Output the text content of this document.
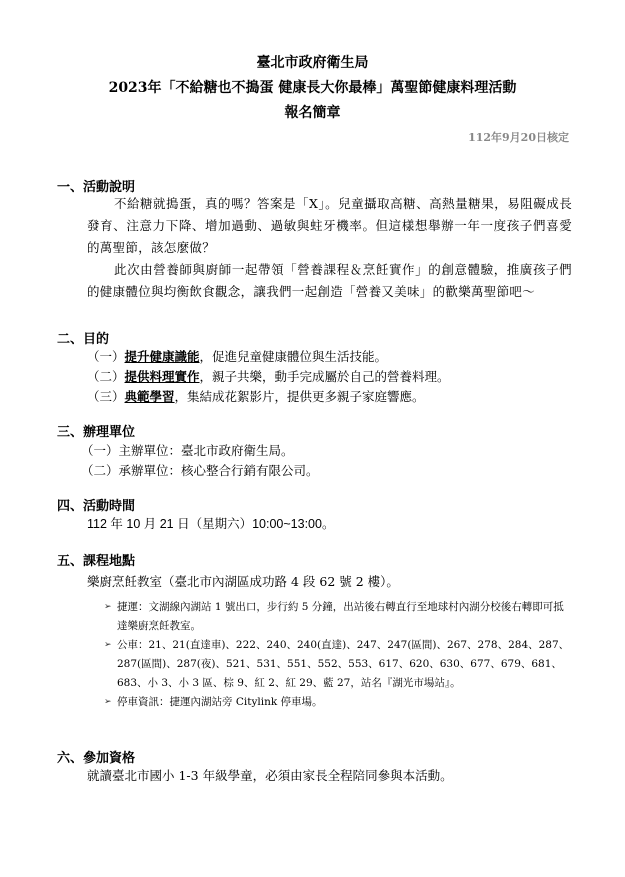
臺北市政府衛生局
2023年「不給糖也不搗蛋 健康長大你最棒」萬聖節健康料理活動
報名簡章
112年9月20日核定
一、活動說明
不給糖就搗蛋，真的嗎？答案是「X」。兒童攝取高糖、高熱量糖果，易阻礙成長發育、注意力下降、增加過動、過敏與蛀牙機率。但這樣想舉辦一年一度孩子們喜愛的萬聖節，該怎麼做？
此次由營養師與廚師一起帶領「營養課程＆烹飪實作」的創意體驗，推廣孩子們的健康體位與均衡飲食觀念，讓我們一起創造「營養又美味」的歡樂萬聖節吧～
二、目的
（一）提升健康識能，促進兒童健康體位與生活技能。
（二）提供料理實作，親子共樂，動手完成屬於自己的營養料理。
（三）典範學習，集結成花絮影片，提供更多親子家庭響應。
三、辦理單位
（一）主辦單位：臺北市政府衛生局。
（二）承辦單位：核心整合行銷有限公司。
四、活動時間
112 年 10 月 21 日（星期六）10:00~13:00。
五、課程地點
樂廚烹飪教室（臺北市內湖區成功路 4 段 62 號 2 樓）。
➢ 捷運：文湖線內湖站 1 號出口，步行約 5 分鐘，出站後右轉直行至地球村內湖分校後右轉即可抵達樂廚烹飪教室。
➢ 公車：21、21(直達車)、222、240、240(直達)、247、247(區間)、267、278、284、287、287(區間)、287(夜)、521、531、551、552、553、617、620、630、677、679、681、683、小 3、小 3 區、棕 9、紅 2、紅 29、藍 27，站名『湖光市場站』。
➢ 停車資訊：捷運內湖站旁 Citylink 停車場。
六、參加資格
就讀臺北市國小 1-3 年級學童，必須由家長全程陪同參與本活動。
